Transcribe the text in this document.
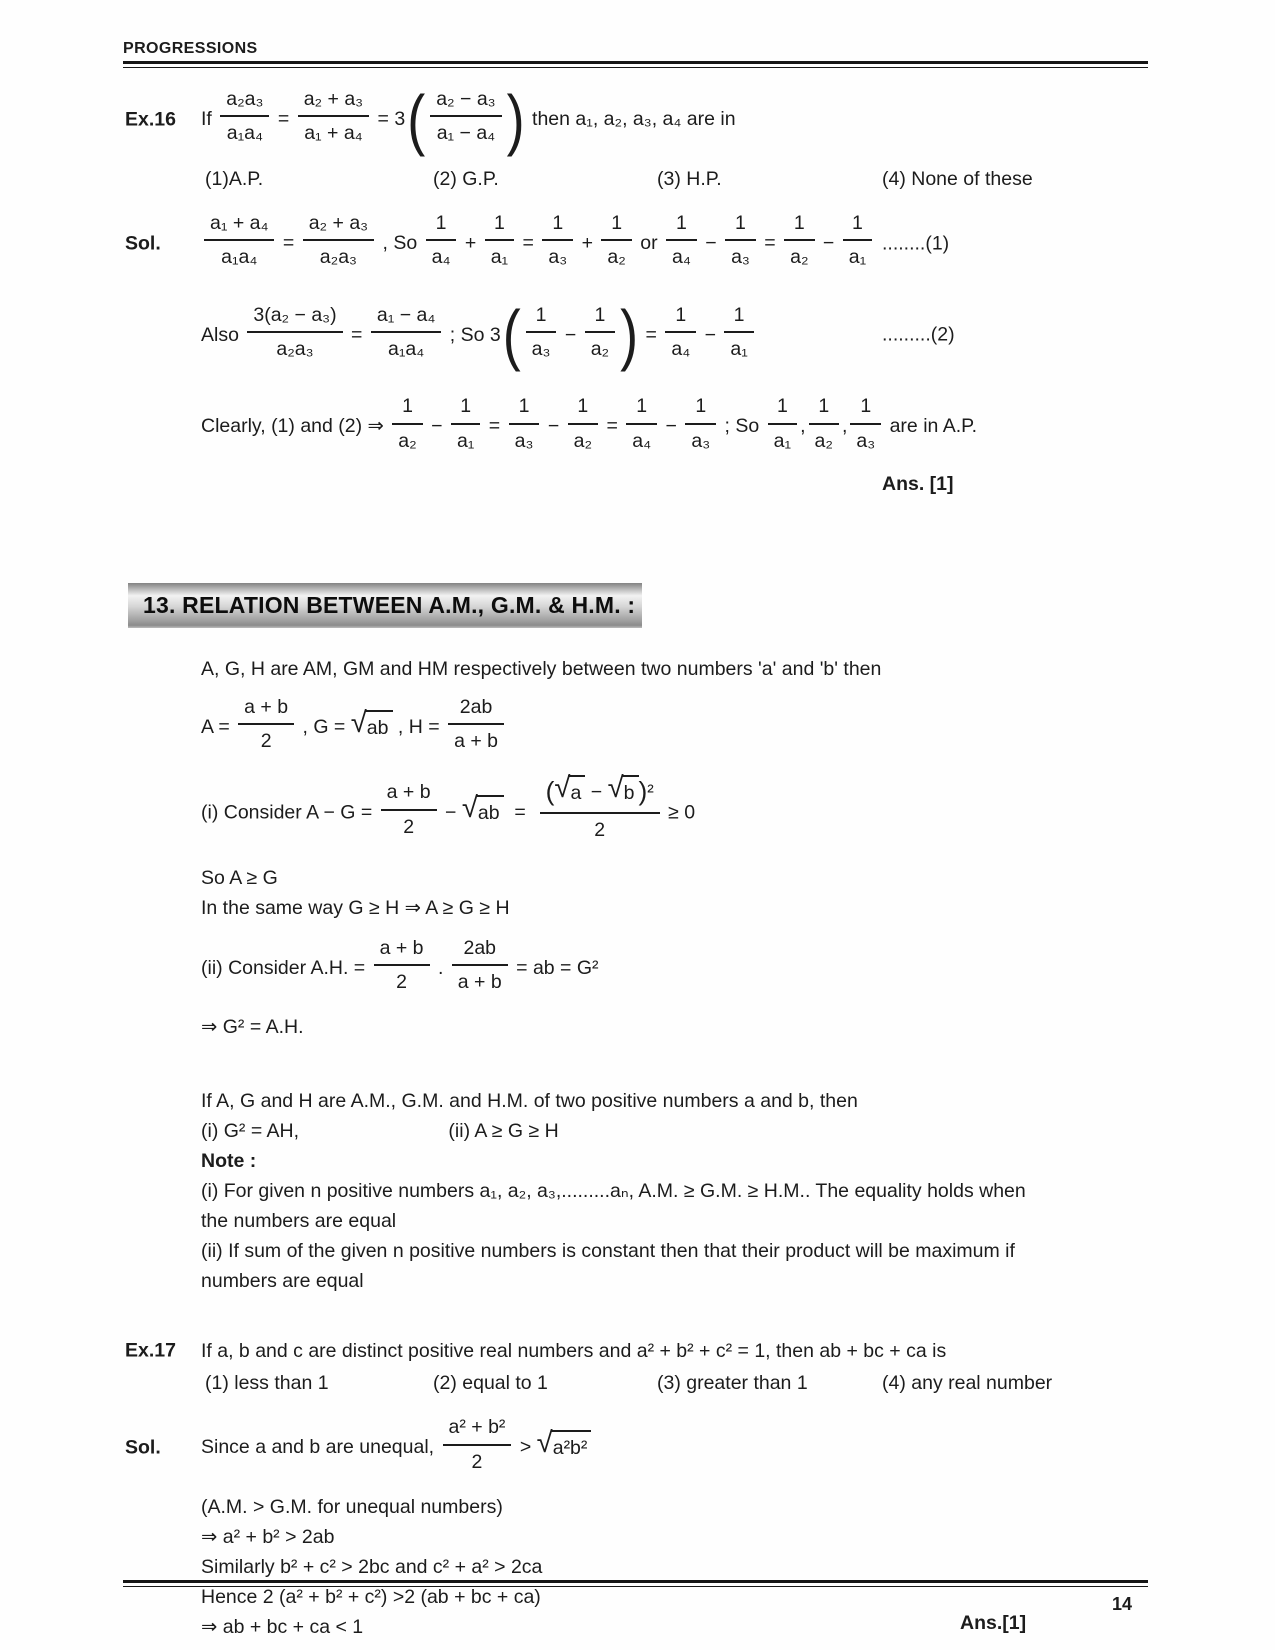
PROGRESSIONS
Ex.16 If $\frac{\text{a₂a₃}}{\text{a₁a₄}} = \frac{\text{a₂ + a₃}}{\text{a₁ + a₄}} = 3( \frac{\text{a₂ − a₃}}{\text{a₁ − a₄}}$ ) then a₁, a₂, a₃, a₄ are in
(1)A.P.	(2) G.P.	(3) H.P.	(4) None of these
Sol. $\frac{\text{a₁ + a₄}}{\text{a₁a₄}} = \frac{\text{a₂ + a₃}}{\text{a₂a₃}}$ , So $\frac{1}{\text{a₄}} + \frac{1}{\text{a₁}} = \frac{1}{\text{a₃}} + \frac{1}{\text{a₂}}$ or $\frac{1}{\text{a₄}} - \frac{1}{\text{a₃}} = \frac{1}{\text{a₂}} - \frac{1}{\text{a₁}} ........(1)$
Also $\frac{\text{3(a₂ − a₃)}}{\text{a₂a₃}} = \frac{\text{a₁ − a₄}}{\text{a₁a₄}}$ ; So $3( \frac{1}{\text{a₃}} - \frac{1}{\text{a₂}}$ ) = $\frac{1}{\text{a₄}} - \frac{1}{\text{a₁}}$	.........(2)
Clearly, (1) and (2) ⇒ $\frac{1}{\text{a₂}} - \frac{1}{\text{a₁}} = \frac{1}{\text{a₃}} - \frac{1}{\text{a₂}} = \frac{1}{\text{a₄}} - \frac{1}{\text{a₃}}$ ; So $\frac{1}{\text{a₁}}$ , $\frac{1}{\text{a₂}}$ , $\frac{1}{\text{a₃}}$ are in A.P.
Ans. [1]
13. RELATION BETWEEN A.M., G.M. & H.M. :

A, G, H are AM, GM and HM respectively between two numbers 'a' and 'b' then

$A = \frac{a + b}{2}$ , G = √ ab , $H = \frac{2ab}{a + b}$
(i) Consider $A - G = \frac{a + b}{2}$ − √ ab = $\frac{\text{( √ a − √ b )²}}{2} \ge 0$

So A ≥ G

In the same way G ≥ H ⇒ A ≥ G ≥ H

(ii) Consider A.H. = $\frac{a + b}{2}$ . $\frac{2ab}{a + b}$ = ab = G²

⇒ G² = A.H.

If A, G and H are A.M., G.M. and H.M. of two positive numbers a and b, then

(i) G² = AH,	(ii) A ≥ G ≥ H

Note :

(i) For given n positive numbers a₁, a₂, a₃,.........aₙ, A.M. ≥ G.M. ≥ H.M.. The equality holds when
the numbers are equal

(ii) If sum of the given n positive numbers is constant then that their product will be maximum if
numbers are equal

Ex.17 If a, b and c are distinct positive real numbers and a² + b² + c² = 1, then ab + bc + ca is

(1) less than 1	(2) equal to 1	(3) greater than 1	(4) any real number
Sol. Since a and b are unequal, $\frac{\text{a² + b²}}{2}$ > √ a²b²

(A.M. > G.M. for unequal numbers)

⇒ a² + b² > 2ab

Similarly b² + c² > 2bc and c² + a² > 2ca

Hence 2 (a² + b² + c²) >2 (ab + bc + ca)

⇒ ab + bc + ca < 1	Ans.[1]
14
